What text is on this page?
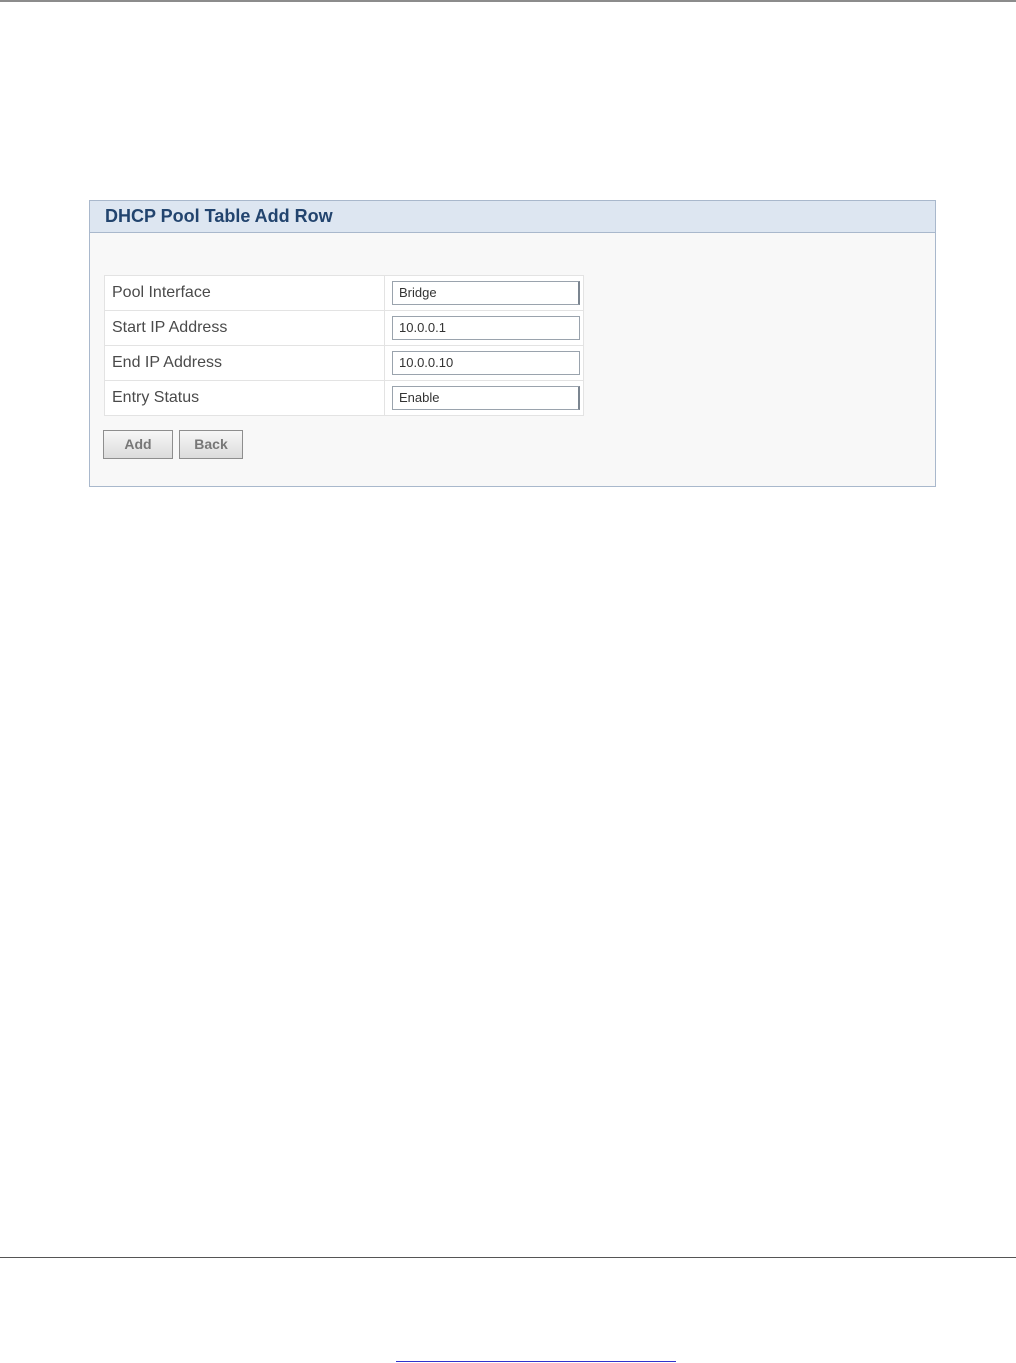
DHCP Pool Table Add Row
Pool Interface	Bridge

Start IP Address	10.0.0.1

End IP Address	10.0.0.10

Entry Status	Enable
Add	Back
